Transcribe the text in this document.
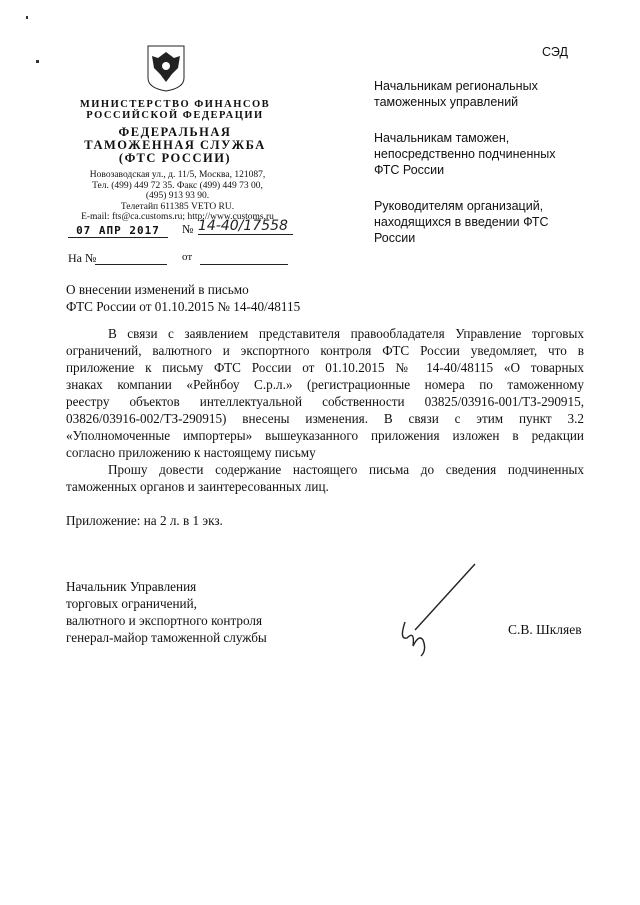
МИНИСТЕРСТВО ФИНАНСОВ
РОССИЙСКОЙ ФЕДЕРАЦИИ
ФЕДЕРАЛЬНАЯ
ТАМОЖЕННАЯ СЛУЖБА
(ФТС РОССИИ)
Новозаводская ул., д. 11/5, Москва, 121087,
Тел. (499) 449 72 35. Факс (499) 449 73 00,
(495) 913 93 90.
Телетайп 611385 VETO RU.
E-mail: fts@ca.customs.ru; http://www.customs.ru
07 АПР 2017	№ 14-40/17558
На №	от
СЭД
Начальникам региональных
таможенных управлений
Начальникам таможен,
непосредственно подчиненных
ФТС России
Руководителям организаций,
находящихся в введении ФТС
России
О внесении изменений в письмо
ФТС России от 01.10.2015 № 14-40/48115
В связи с заявлением представителя правообладателя Управление торговых
ограничений, валютного и экспортного контроля ФТС России уведомляет, что в
приложение к письму ФТС России от 01.10.2015 № 14-40/48115 «О товарных
знаках компании «Рейнбоу С.р.л.» (регистрационные номера по таможенному
реестру объектов интеллектуальной собственности 03825/03916-001/ТЗ-290915,
03826/03916-002/ТЗ-290915) внесены изменения. В связи с этим пункт 3.2
«Уполномоченные импортеры» вышеуказанного приложения изложен в редакции
согласно приложению к настоящему письму
Прошу довести содержание настоящего письма до сведения подчиненных
таможенных органов и заинтересованных лиц.
Приложение: на 2 л. в 1 экз.
Начальник Управления
торговых ограничений,
валютного и экспортного контроля
генерал-майор таможенной службы
С.В. Шкляев
